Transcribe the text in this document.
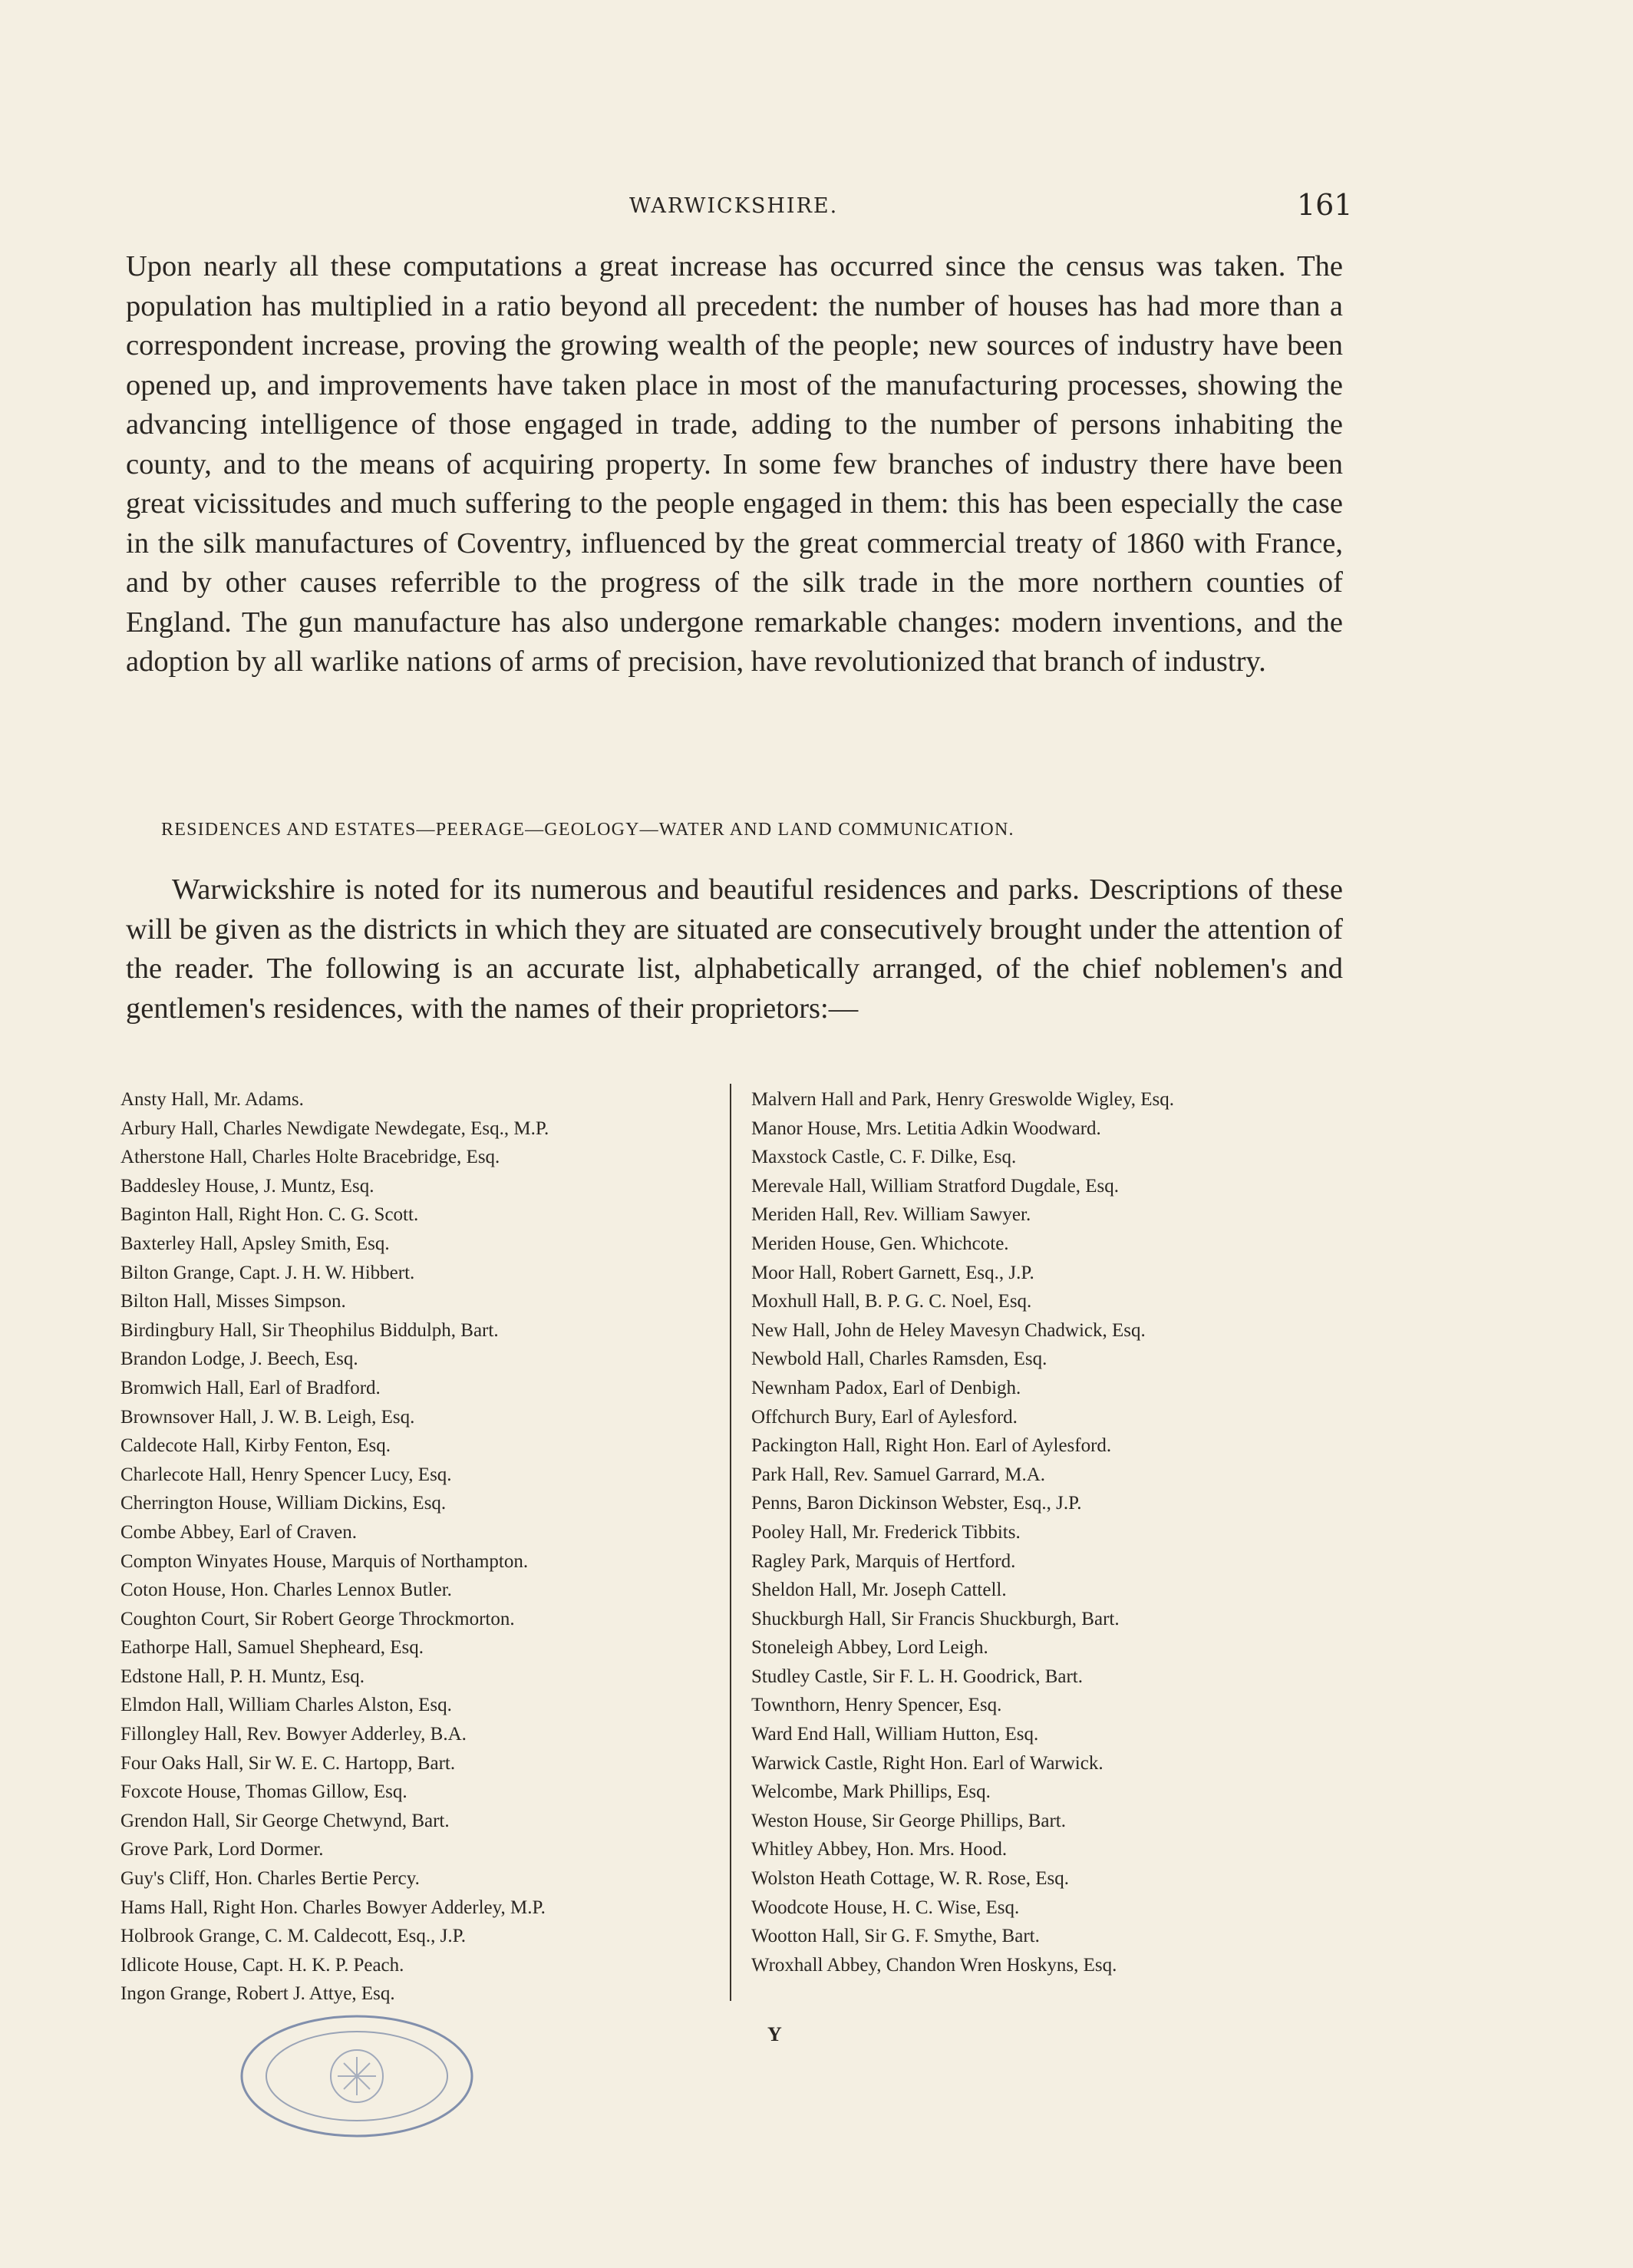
WARWICKSHIRE.	161

Upon nearly all these computations a great increase has occurred since the census was taken. The population has multiplied in a ratio beyond all precedent: the number of houses has had more than a correspondent increase, proving the growing wealth of the people; new sources of industry have been opened up, and improvements have taken place in most of the manufacturing processes, showing the advancing intelligence of those engaged in trade, adding to the number of persons inhabiting the county, and to the means of acquiring property. In some few branches of industry there have been great vicissitudes and much suffering to the people engaged in them: this has been especially the case in the silk manufactures of Coventry, influenced by the great commercial treaty of 1860 with France, and by other causes referrible to the progress of the silk trade in the more northern counties of England. The gun manufacture has also undergone remarkable changes: modern inventions, and the adoption by all warlike nations of arms of precision, have revolutionized that branch of industry.

RESIDENCES AND ESTATES—PEERAGE—GEOLOGY—WATER AND LAND COMMUNICATION.

Warwickshire is noted for its numerous and beautiful residences and parks. Descriptions of these will be given as the districts in which they are situated are consecutively brought under the attention of the reader. The following is an accurate list, alphabetically arranged, of the chief noblemen's and gentlemen's residences, with the names of their proprietors:—

Ansty Hall, Mr. Adams.
Arbury Hall, Charles Newdigate Newdegate, Esq., M.P.
Atherstone Hall, Charles Holte Bracebridge, Esq.
Baddesley House, J. Muntz, Esq.
Baginton Hall, Right Hon. C. G. Scott.
Baxterley Hall, Apsley Smith, Esq.
Bilton Grange, Capt. J. H. W. Hibbert.
Bilton Hall, Misses Simpson.
Birdingbury Hall, Sir Theophilus Biddulph, Bart.
Brandon Lodge, J. Beech, Esq.
Bromwich Hall, Earl of Bradford.
Brownsover Hall, J. W. B. Leigh, Esq.
Caldecote Hall, Kirby Fenton, Esq.
Charlecote Hall, Henry Spencer Lucy, Esq.
Cherrington House, William Dickins, Esq.
Combe Abbey, Earl of Craven.
Compton Winyates House, Marquis of Northampton.
Coton House, Hon. Charles Lennox Butler.
Coughton Court, Sir Robert George Throckmorton.
Eathorpe Hall, Samuel Shepheard, Esq.
Edstone Hall, P. H. Muntz, Esq.
Elmdon Hall, William Charles Alston, Esq.
Fillongley Hall, Rev. Bowyer Adderley, B.A.
Four Oaks Hall, Sir W. E. C. Hartopp, Bart.
Foxcote House, Thomas Gillow, Esq.
Grendon Hall, Sir George Chetwynd, Bart.
Grove Park, Lord Dormer.
Guy's Cliff, Hon. Charles Bertie Percy.
Hams Hall, Right Hon. Charles Bowyer Adderley, M.P.
Holbrook Grange, C. M. Caldecott, Esq., J.P.
Idlicote House, Capt. H. K. P. Peach.
Ingon Grange, Robert J. Attye, Esq.
Malvern Hall and Park, Henry Greswolde Wigley, Esq.
Manor House, Mrs. Letitia Adkin Woodward.
Maxstock Castle, C. F. Dilke, Esq.
Merevale Hall, William Stratford Dugdale, Esq.
Meriden Hall, Rev. William Sawyer.
Meriden House, Gen. Whichcote.
Moor Hall, Robert Garnett, Esq., J.P.
Moxhull Hall, B. P. G. C. Noel, Esq.
New Hall, John de Heley Mavesyn Chadwick, Esq.
Newbold Hall, Charles Ramsden, Esq.
Newnham Padox, Earl of Denbigh.
Offchurch Bury, Earl of Aylesford.
Packington Hall, Right Hon. Earl of Aylesford.
Park Hall, Rev. Samuel Garrard, M.A.
Penns, Baron Dickinson Webster, Esq., J.P.
Pooley Hall, Mr. Frederick Tibbits.
Ragley Park, Marquis of Hertford.
Sheldon Hall, Mr. Joseph Cattell.
Shuckburgh Hall, Sir Francis Shuckburgh, Bart.
Stoneleigh Abbey, Lord Leigh.
Studley Castle, Sir F. L. H. Goodrick, Bart.
Townthorn, Henry Spencer, Esq.
Ward End Hall, William Hutton, Esq.
Warwick Castle, Right Hon. Earl of Warwick.
Welcombe, Mark Phillips, Esq.
Weston House, Sir George Phillips, Bart.
Whitley Abbey, Hon. Mrs. Hood.
Wolston Heath Cottage, W. R. Rose, Esq.
Woodcote House, H. C. Wise, Esq.
Wootton Hall, Sir G. F. Smythe, Bart.
Wroxhall Abbey, Chandon Wren Hoskyns, Esq.
Y
